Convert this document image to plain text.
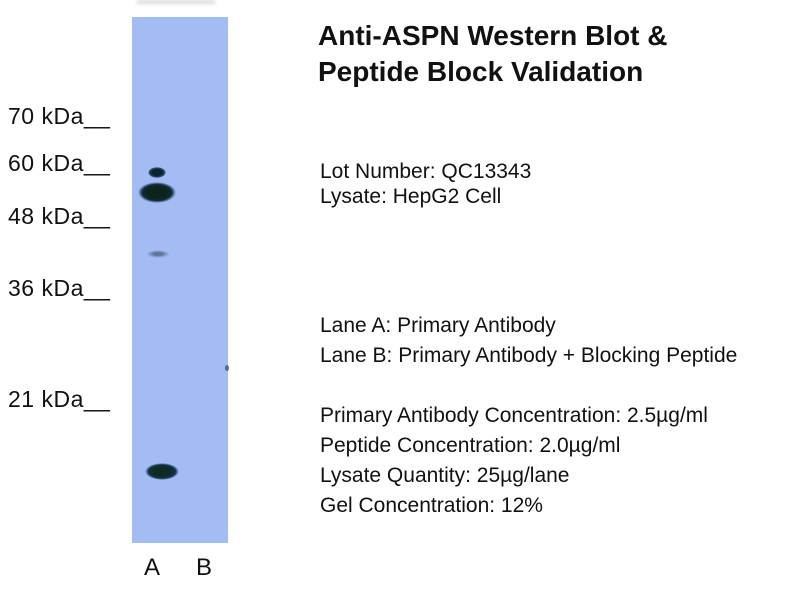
70 kDa__
60 kDa__
48 kDa__
36 kDa__
21 kDa__
A B
Anti-ASPN Western Blot &
Peptide Block Validation
Lot Number: QC13343
Lysate: HepG2 Cell
Lane A: Primary Antibody
Lane B: Primary Antibody + Blocking Peptide
Primary Antibody Concentration: 2.5µg/ml
Peptide Concentration: 2.0µg/ml
Lysate Quantity: 25µg/lane
Gel Concentration: 12%
